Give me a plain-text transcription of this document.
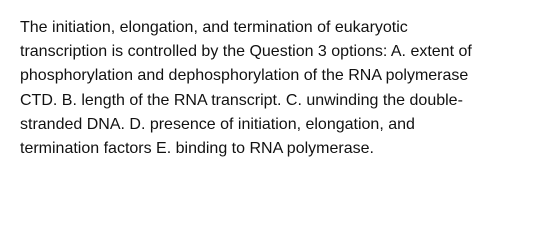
The initiation, elongation, and termination of eukaryotic
transcription is controlled by the Question 3 options: A. extent of
phosphorylation and dephosphorylation of the RNA polymerase
CTD. B. length of the RNA transcript. C. unwinding the double-
stranded DNA. D. presence of initiation, elongation, and
termination factors E. binding to RNA polymerase.
